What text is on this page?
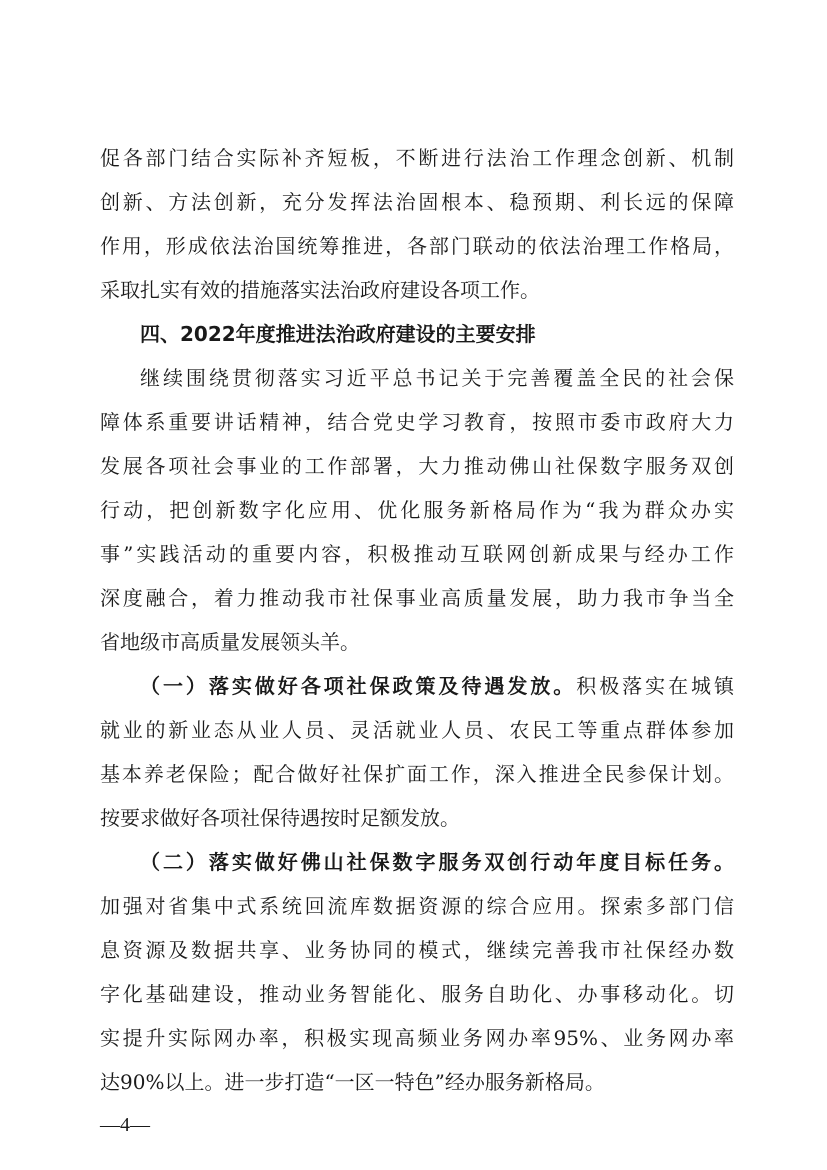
促各部门结合实际补齐短板，不断进行法治工作理念创新、机制
创新、方法创新，充分发挥法治固根本、稳预期、利长远的保障
作用，形成依法治国统筹推进，各部门联动的依法治理工作格局，
采取扎实有效的措施落实法治政府建设各项工作。
四、2022年度推进法治政府建设的主要安排
继续围绕贯彻落实习近平总书记关于完善覆盖全民的社会保
障体系重要讲话精神，结合党史学习教育，按照市委市政府大力
发展各项社会事业的工作部署，大力推动佛山社保数字服务双创
行动，把创新数字化应用、优化服务新格局作为“我为群众办实
事”实践活动的重要内容，积极推动互联网创新成果与经办工作
深度融合，着力推动我市社保事业高质量发展，助力我市争当全
省地级市高质量发展领头羊。
（一）落实做好各项社保政策及待遇发放。积极落实在城镇
就业的新业态从业人员、灵活就业人员、农民工等重点群体参加
基本养老保险；配合做好社保扩面工作，深入推进全民参保计划。
按要求做好各项社保待遇按时足额发放。
（二）落实做好佛山社保数字服务双创行动年度目标任务。
加强对省集中式系统回流库数据资源的综合应用。探索多部门信
息资源及数据共享、业务协同的模式，继续完善我市社保经办数
字化基础建设，推动业务智能化、服务自助化、办事移动化。切
实提升实际网办率，积极实现高频业务网办率95%、业务网办率
达90%以上。进一步打造“一区一特色”经办服务新格局。
—4—
